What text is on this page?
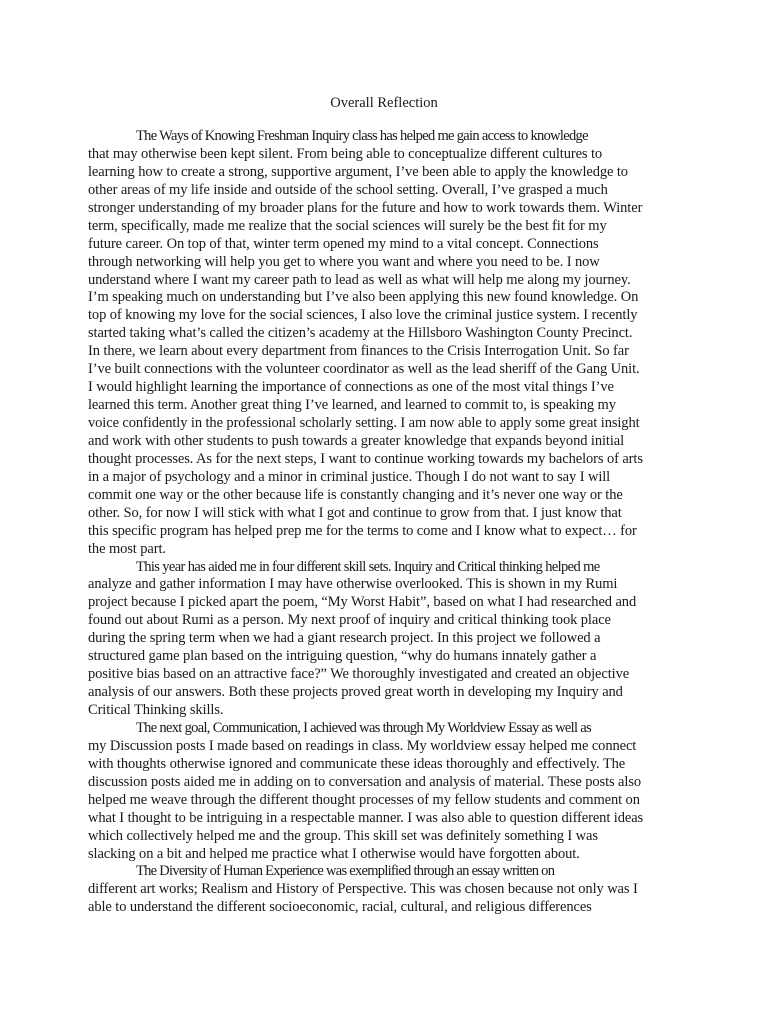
Overall Reflection
The Ways of Knowing Freshman Inquiry class has helped me gain access to knowledge
that may otherwise been kept silent. From being able to conceptualize different cultures to
learning how to create a strong, supportive argument, I’ve been able to apply the knowledge to
other areas of my life inside and outside of the school setting. Overall, I’ve grasped a much
stronger understanding of my broader plans for the future and how to work towards them. Winter
term, specifically, made me realize that the social sciences will surely be the best fit for my
future career. On top of that, winter term opened my mind to a vital concept. Connections
through networking will help you get to where you want and where you need to be. I now
understand where I want my career path to lead as well as what will help me along my journey.
I’m speaking much on understanding but I’ve also been applying this new found knowledge. On
top of knowing my love for the social sciences, I also love the criminal justice system. I recently
started taking what’s called the citizen’s academy at the Hillsboro Washington County Precinct.
In there, we learn about every department from finances to the Crisis Interrogation Unit. So far
I’ve built connections with the volunteer coordinator as well as the lead sheriff of the Gang Unit.
I would highlight learning the importance of connections as one of the most vital things I’ve
learned this term. Another great thing I’ve learned, and learned to commit to, is speaking my
voice confidently in the professional scholarly setting. I am now able to apply some great insight
and work with other students to push towards a greater knowledge that expands beyond initial
thought processes. As for the next steps, I want to continue working towards my bachelors of arts
in a major of psychology and a minor in criminal justice. Though I do not want to say I will
commit one way or the other because life is constantly changing and it’s never one way or the
other. So, for now I will stick with what I got and continue to grow from that. I just know that
this specific program has helped prep me for the terms to come and I know what to expect… for
the most part.
This year has aided me in four different skill sets. Inquiry and Critical thinking helped me
analyze and gather information I may have otherwise overlooked. This is shown in my Rumi
project because I picked apart the poem, “My Worst Habit”, based on what I had researched and
found out about Rumi as a person. My next proof of inquiry and critical thinking took place
during the spring term when we had a giant research project. In this project we followed a
structured game plan based on the intriguing question, “why do humans innately gather a
positive bias based on an attractive face?” We thoroughly investigated and created an objective
analysis of our answers. Both these projects proved great worth in developing my Inquiry and
Critical Thinking skills.
The next goal, Communication, I achieved was through My Worldview Essay as well as
my Discussion posts I made based on readings in class. My worldview essay helped me connect
with thoughts otherwise ignored and communicate these ideas thoroughly and effectively. The
discussion posts aided me in adding on to conversation and analysis of material. These posts also
helped me weave through the different thought processes of my fellow students and comment on
what I thought to be intriguing in a respectable manner. I was also able to question different ideas
which collectively helped me and the group. This skill set was definitely something I was
slacking on a bit and helped me practice what I otherwise would have forgotten about.
The Diversity of Human Experience was exemplified through an essay written on
different art works; Realism and History of Perspective. This was chosen because not only was I
able to understand the different socioeconomic, racial, cultural, and religious differences
